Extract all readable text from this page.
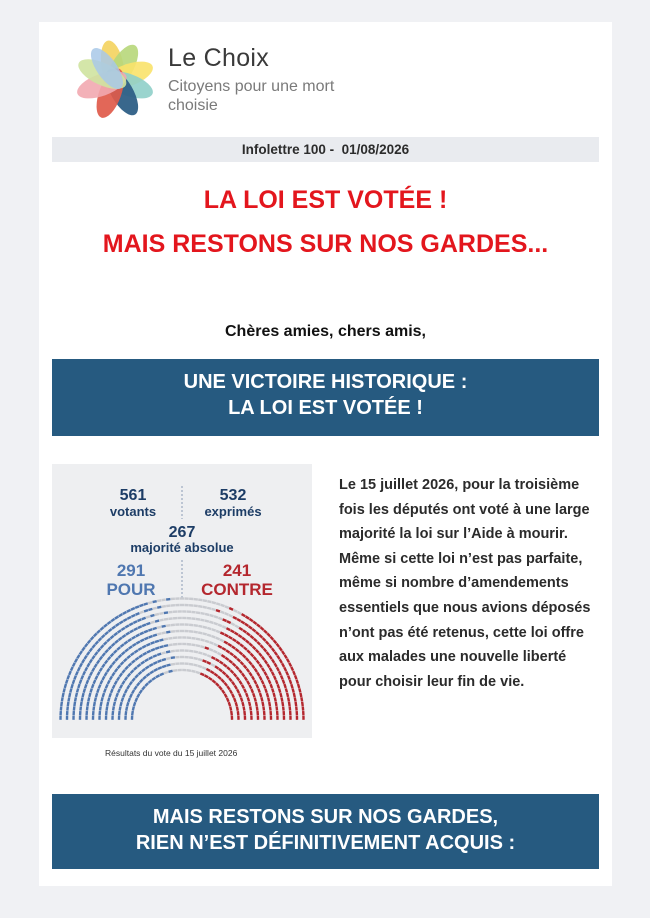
Le Choix
Citoyens pour une mort choisie
Infolettre 100 -  01/08/2026
LA LOI EST VOTÉE !
MAIS RESTONS SUR NOS GARDES...
Chères amies, chers amis,
UNE VICTOIRE HISTORIQUE :
LA LOI EST VOTÉE !
561
votants
532
exprimés
267
majorité absolue
291
POUR
241
CONTRE
Résultats du vote du 15 juillet 2026
Le 15 juillet 2026, pour la troisième fois les députés ont voté à une large majorité la loi sur l’Aide à mourir. Même si cette loi n’est pas parfaite, même si nombre d’amendements essentiels que nous avions déposés n’ont pas été retenus, cette loi offre aux malades une nouvelle liberté pour choisir leur fin de vie.
MAIS RESTONS SUR NOS GARDES,
RIEN N’EST DÉFINITIVEMENT ACQUIS :
